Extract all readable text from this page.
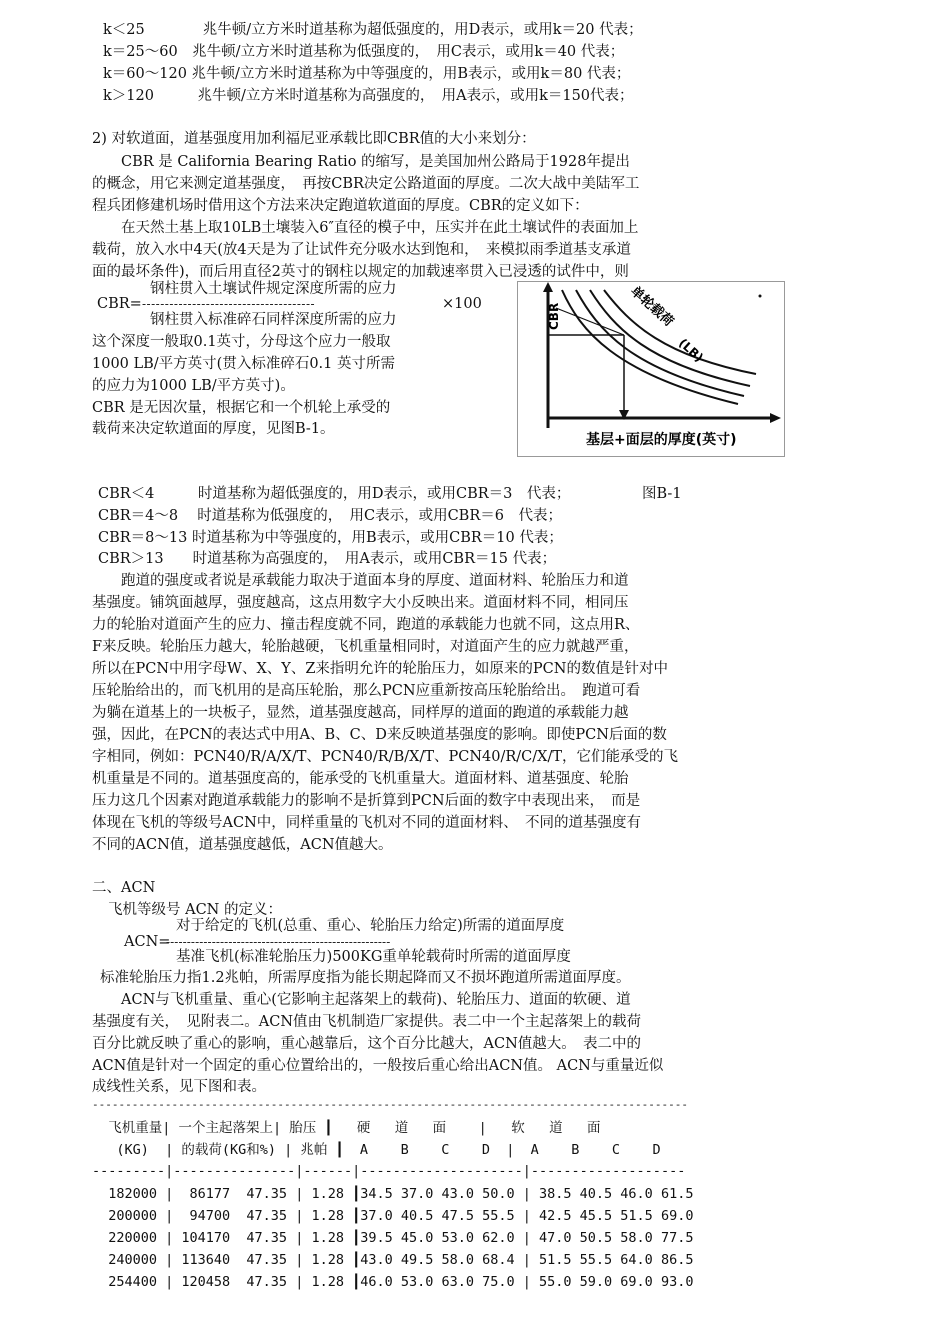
k＜25　　　　兆牛顿/立方米时道基称为超低强度的，用D表示，或用k＝20 代表；
k＝25～60　兆牛顿/立方米时道基称为低强度的，　用C表示，或用k＝40 代表；
k＝60～120 兆牛顿/立方米时道基称为中等强度的，用B表示，或用k＝80 代表；
k＞120　　　兆牛顿/立方米时道基称为高强度的，　用A表示，或用k＝150代表；
2) 对软道面，道基强度用加利福尼亚承载比即CBR值的大小来划分：
　　CBR 是 California Bearing Ratio 的缩写，是美国加州公路局于1928年提出
的概念，用它来测定道基强度，　再按CBR决定公路道面的厚度。二次大战中美陆军工
程兵团修建机场时借用这个方法来决定跑道软道面的厚度。CBR的定义如下：
　　在天然土基上取10LB土壤装入6″直径的模子中，压实并在此土壤试件的表面加上
载荷，放入水中4天(放4天是为了让试件充分吸水达到饱和，　来模拟雨季道基支承道
面的最坏条件)，而后用直径2英寸的钢柱以规定的加载速率贯入已浸透的试件中，则
钢柱贯入土壤试件规定深度所需的应力
CBR= --------------------------------------	×100
钢柱贯入标准碎石同样深度所需的应力
这个深度一般取0.1英寸，分母这个应力一般取
1000 LB/平方英寸(贯入标准碎石0.1 英寸所需
的应力为1000 LB/平方英寸)。
CBR 是无因次量，根据它和一个机轮上承受的
载荷来决定软道面的厚度，见图B-1。
CBR	单轮载荷
(LB)
基层+面层的厚度(英寸)
图B-1
CBR＜4　　　时道基称为超低强度的，用D表示，或用CBR＝3　代表；
CBR＝4～8　 时道基称为低强度的，　用C表示，或用CBR＝6　代表；
CBR＝8～13 时道基称为中等强度的，用B表示，或用CBR＝10 代表；
CBR＞13　　时道基称为高强度的，　用A表示，或用CBR＝15 代表；
　　跑道的强度或者说是承载能力取决于道面本身的厚度、道面材料、轮胎压力和道
基强度。铺筑面越厚，强度越高，这点用数字大小反映出来。道面材料不同，相同压
力的轮胎对道面产生的应力、撞击程度就不同，跑道的承载能力也就不同，这点用R、
F来反映。轮胎压力越大，轮胎越硬，飞机重量相同时，对道面产生的应力就越严重，
所以在PCN中用字母W、X、Y、Z来指明允许的轮胎压力，如原来的PCN的数值是针对中
压轮胎给出的，而飞机用的是高压轮胎，那么PCN应重新按高压轮胎给出。　跑道可看
为躺在道基上的一块板子，显然，道基强度越高，同样厚的道面的跑道的承载能力越
强，因此，在PCN的表达式中用A、B、C、D来反映道基强度的影响。即使PCN后面的数
字相同，例如：PCN40/R/A/X/T、PCN40/R/B/X/T、PCN40/R/C/X/T，它们能承受的飞
机重量是不同的。道基强度高的，能承受的飞机重量大。道面材料、道基强度、轮胎
压力这几个因素对跑道承载能力的影响不是折算到PCN后面的数字中表现出来，　而是
体现在飞机的等级号ACN中，同样重量的飞机对不同的道面材料、　不同的道基强度有
不同的ACN值，道基强度越低，ACN值越大。
二、ACN
飞机等级号 ACN 的定义：
对于给定的飞机(总重、重心、轮胎压力给定)所需的道面厚度
ACN=
------------------------------------------------------
基准飞机(标准轮胎压力)500KG重单轮载荷时所需的道面厚度
标准轮胎压力指1.2兆帕，所需厚度指为能长期起降而又不损坏跑道所需道面厚度。
　　ACN与飞机重量、重心(它影响主起落架上的载荷)、轮胎压力、道面的软硬、道
基强度有关，　见附表二。ACN值由飞机制造厂家提供。表二中一个主起落架上的载荷
百分比就反映了重心的影响，重心越靠后，这个百分比越大，ACN值越大。　表二中的
ACN值是针对一个固定的重心位置给出的，一般按后重心给出ACN值。 ACN与重量近似
成线性关系，见下图和表。
------------------------------------------------------------------------------------------
飞机重量| 一个主起落架上| 胎压 ┃   硬   道   面    |   软   道   面
(KG)  | 的载荷(KG和%) | 兆帕 ┃  A    B    C    D  |  A    B    C    D
---------|---------------|------|--------------------|-------------------
182000 |  86177  47.35 | 1.28 ┃34.5 37.0 43.0 50.0 | 38.5 40.5 46.0 61.5
200000 |  94700  47.35 | 1.28 ┃37.0 40.5 47.5 55.5 | 42.5 45.5 51.5 69.0
220000 | 104170  47.35 | 1.28 ┃39.5 45.0 53.0 62.0 | 47.0 50.5 58.0 77.5
240000 | 113640  47.35 | 1.28 ┃43.0 49.5 58.0 68.4 | 51.5 55.5 64.0 86.5
254400 | 120458  47.35 | 1.28 ┃46.0 53.0 63.0 75.0 | 55.0 59.0 69.0 93.0
